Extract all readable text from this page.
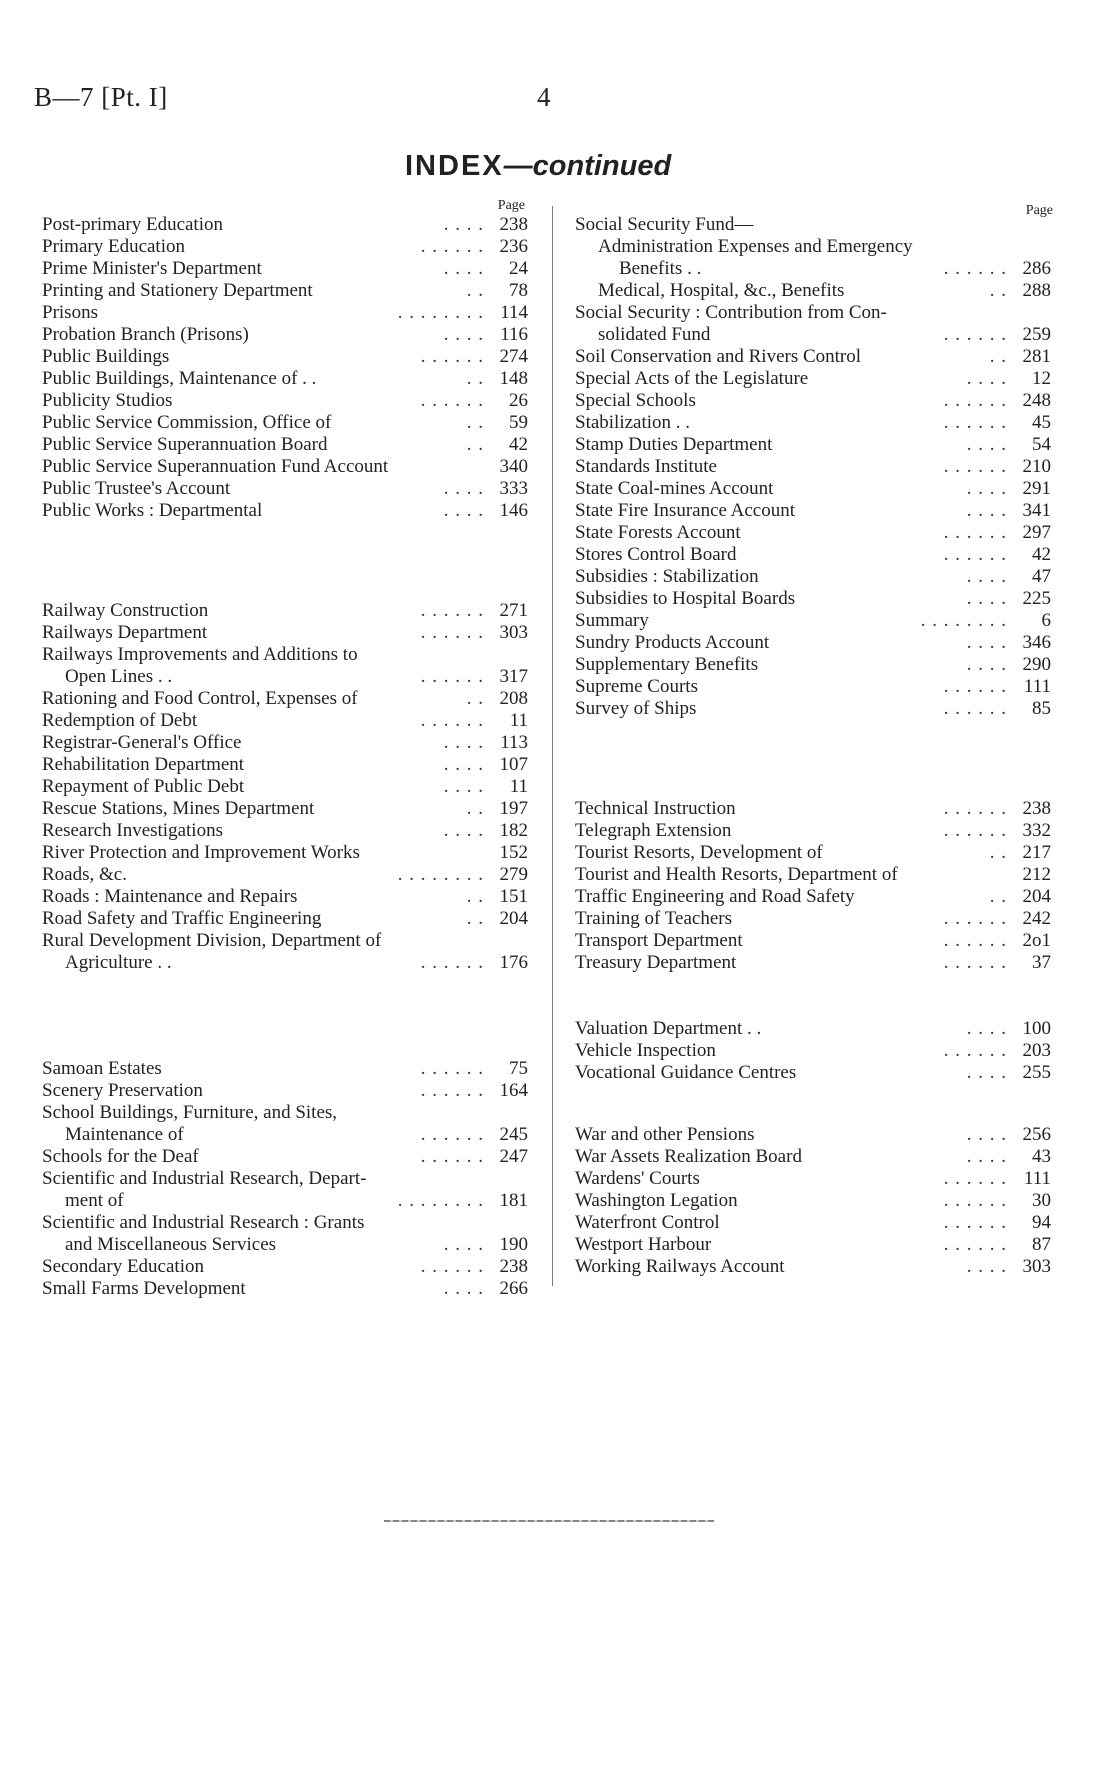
B—7 [Pt. I]	4
INDEX—continued
Page
Post-primary Education	. . . . 238
Primary Education	. . . . . . 236
Prime Minister's Department	. . . .	24
Printing and Stationery Department	. .	78
Prisons	. . . . . . . . 114
Probation Branch (Prisons)	. . . . 116
Public Buildings	. . . . . . 274
Public Buildings, Maintenance of . .	. . 148
Publicity Studios	. . . . . .	26
Public Service Commission, Office of	. .	59
Public Service Superannuation Board	. .	42
Public Service Superannuation Fund Account	340
Public Trustee's Account	. . . . 333
Public Works : Departmental	. . . . 146
Railway Construction	. . . . . . 271
Railways Department	. . . . . . 303
Railways Improvements and Additions to
Open Lines . .	. . . . . . 317
Rationing and Food Control, Expenses of	. . 208
Redemption of Debt	. . . . . .	11
Registrar-General's Office	. . . . 113
Rehabilitation Department	. . . . 107
Repayment of Public Debt	. . . .	11
Rescue Stations, Mines Department	. . 197
Research Investigations	. . . . 182
River Protection and Improvement Works	152
Roads, &c.	. . . . . . . . 279
Roads : Maintenance and Repairs	. . 151
Road Safety and Traffic Engineering	. . 204
Rural Development Division, Department of
Agriculture . .	. . . . . . 176
Samoan Estates	. . . . . .	75
Scenery Preservation	. . . . . . 164
School Buildings, Furniture, and Sites,
Maintenance of	. . . . . . 245
Schools for the Deaf	. . . . . . 247
Scientific and Industrial Research, Depart-
ment of	. . . . . . . . 181
Scientific and Industrial Research : Grants
and Miscellaneous Services	. . . . 190
Secondary Education	. . . . . . 238
Small Farms Development	. . . . 266
Page
Social Security Fund—
Administration Expenses and Emergency
Benefits . .	. . . . . . 286
Medical, Hospital, &c., Benefits	. . 288
Social Security : Contribution from Con-
solidated Fund	. . . . . . 259
Soil Conservation and Rivers Control	. . 281
Special Acts of the Legislature	. . . .	12
Special Schools	. . . . . . 248
Stabilization . .	. . . . . .	45
Stamp Duties Department	. . . .	54
Standards Institute	. . . . . . 210
State Coal-mines Account	. . . . 291
State Fire Insurance Account	. . . . 341
State Forests Account	. . . . . . 297
Stores Control Board	. . . . . .	42
Subsidies : Stabilization	. . . .	47
Subsidies to Hospital Boards	. . . . 225
Summary	. . . . . . . .	6
Sundry Products Account	. . . . 346
Supplementary Benefits	. . . . 290
Supreme Courts	. . . . . . 111
Survey of Ships	. . . . . .	85
Technical Instruction	. . . . . . 238
Telegraph Extension	. . . . . . 332
Tourist Resorts, Development of	. . 217
Tourist and Health Resorts, Department of	212
Traffic Engineering and Road Safety	. . 204
Training of Teachers	. . . . . . 242
Transport Department	. . . . . . 2ο1
Treasury Department	. . . . . .	37
Valuation Department . .	. . . . 100
Vehicle Inspection	. . . . . . 203
Vocational Guidance Centres	. . . . 255
War and other Pensions	. . . . 256
War Assets Realization Board	. . . .	43
Wardens' Courts	. . . . . . 111
Washington Legation	. . . . . .	30
Waterfront Control	. . . . . .	94
Westport Harbour	. . . . . .	87
Working Railways Account	. . . . 303
